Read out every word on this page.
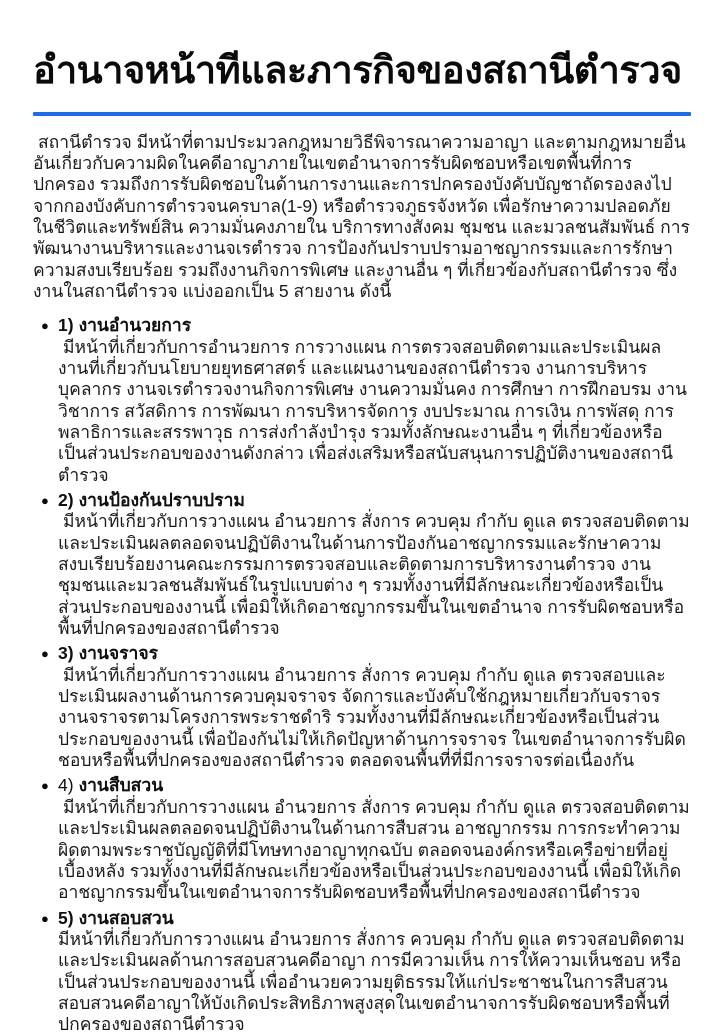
อำนาจหน้าทีและภารกิจของสถานีตำรวจ

สถานีตำรวจ มีหน้าที่ตามประมวลกฎหมายวิธีพิจารณาความอาญา และตามกฎหมายอื่นอันเกี่ยวกับความผิดในคดีอาญาภายในเขตอำนาจการรับผิดชอบหรือเขตพื้นที่การปกครอง รวมถึงการรับผิดชอบในด้านการงานและการปกครองบังคับบัญชาถัดรองลงไปจากกองบังคับการตำรวจนครบาล(1-9) หรือตำรวจภูธรจังหวัด เพื่อรักษาความปลอดภัยในชีวิตและทรัพย์สิน ความมั่นคงภายใน บริการทางสังคม ชุมชน และมวลชนสัมพันธ์ การพัฒนางานบริหารและงานจเรตำรวจ การป้องกันปราบปรามอาชญากรรมและการรักษาความสงบเรียบร้อย รวมถึงงานกิจการพิเศษ และงานอื่น ๆ ที่เกี่ยวข้องกับสถานีตำรวจ ซึ่งงานในสถานีตำรวจ แบ่งออกเป็น 5 สายงาน ดังนี้

● 1) งานอำนวยการ

มีหน้าที่เกี่ยวกับการอำนวยการ การวางแผน การตรวจสอบติดตามและประเมินผลงานที่เกี่ยวกับนโยบายยุทธศาสตร์ และแผนงานของสถานีตำรวจ งานการบริหารบุคลากร งานจเรตำรวจงานกิจการพิเศษ งานความมั่นคง การศึกษา การฝึกอบรม งานวิชาการ สวัสดิการ การพัฒนา การบริหารจัดการ งบประมาณ การเงิน การพัสดุ การพลาธิการและสรรพาวุธ การส่งกำลังบำรุง รวมทั้งลักษณะงานอื่น ๆ ที่เกี่ยวข้องหรือเป็นส่วนประกอบของงานดังกล่าว เพื่อส่งเสริมหรือสนับสนุนการปฏิบัติงานของสถานีตำรวจ

● 2) งานป้องกันปราบปราม

มีหน้าที่เกี่ยวกับการวางแผน อำนวยการ สั่งการ ควบคุม กำกับ ดูแล ตรวจสอบติดตามและประเมินผลตลอดจนปฏิบัติงานในด้านการป้องกันอาชญากรรมและรักษาความสงบเรียบร้อยงานคณะกรรมการตรวจสอบและติดตามการบริหารงานตำรวจ งานชุมชนและมวลชนสัมพันธ์ในรูปแบบต่าง ๆ รวมทั้งงานที่มีลักษณะเกี่ยวข้องหรือเป็นส่วนประกอบของงานนี้ เพื่อมิให้เกิดอาชญากรรมขึ้นในเขตอำนาจ การรับผิดชอบหรือพื้นที่ปกครองของสถานีตำรวจ

● 3) งานจราจร

มีหน้าที่เกี่ยวกับการวางแผน อำนวยการ สั่งการ ควบคุม กำกับ ดูแล ตรวจสอบและประเมินผลงานด้านการควบคุมจราจร จัดการและบังคับใช้กฎหมายเกี่ยวกับจราจร งานจราจรตามโครงการพระราชดำริ รวมทั้งงานที่มีลักษณะเกี่ยวข้องหรือเป็นส่วนประกอบของงานนี้ เพื่อป้องกันไม่ให้เกิดปัญหาด้านการจราจร ในเขตอำนาจการรับผิดชอบหรือพื้นที่ปกครองของสถานีตำรวจ ตลอดจนพื้นที่ที่มีการจราจรต่อเนื่องกัน

● 4) งานสืบสวน

มีหน้าที่เกี่ยวกับการวางแผน อำนวยการ สั่งการ ควบคุม กำกับ ดูแล ตรวจสอบติดตามและประเมินผลตลอดจนปฏิบัติงานในด้านการสืบสวน อาชญากรรม การกระทำความผิดตามพระราชบัญญัติที่มีโทษทางอาญาทุกฉบับ ตลอดจนองค์กรหรือเครือข่ายที่อยู่เบื้องหลัง รวมทั้งงานที่มีลักษณะเกี่ยวข้องหรือเป็นส่วนประกอบของงานนี้ เพื่อมิให้เกิดอาชญากรรมขึ้นในเขตอำนาจการรับผิดชอบหรือพื้นที่ปกครองของสถานีตำรวจ

● 5) งานสอบสวน

มีหน้าที่เกี่ยวกับการวางแผน อำนวยการ สั่งการ ควบคุม กำกับ ดูแล ตรวจสอบติดตามและประเมินผลด้านการสอบสวนคดีอาญา การมีความเห็น การให้ความเห็นชอบ หรือเป็นส่วนประกอบของงานนี้ เพื่ออำนวยความยุติธรรมให้แก่ประชาชนในการสืบสวนสอบสวนคดีอาญาให้บังเกิดประสิทธิภาพสูงสุดในเขตอำนาจการรับผิดชอบหรือพื้นที่ปกครองของสถานีตำรวจ
